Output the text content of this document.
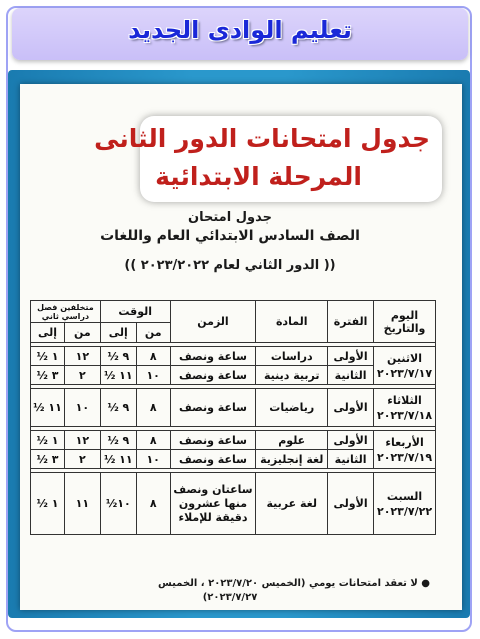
تعليم الوادى الجديد
جدول امتحان
الصف السادس الابتدائي العام واللغات
(( الدور الثاني لعام ٢٠٢٣/٢٠٢٢ ))
جدول امتحانات الدور الثانى
المرحلة الابتدائية
اليوم والتاريخ	الفترة	المادة	الزمن	الوقت		متخلفين فصل دراسي ثاني	
				من	إلى	من	إلى

الاثنين
٢٠٢٣/٧/١٧	الأولى	دراسات	ساعة ونصف	٨	٩ ½	١٢	١ ½
	الثانية	تربية دينية	ساعة ونصف	١٠	١١ ½	٢	٣ ½

الثلاثاء
٢٠٢٣/٧/١٨	الأولى	رياضيات	ساعة ونصف	٨	٩ ½	١٠	١١ ½

الأربعاء
٢٠٢٣/٧/١٩	الأولى	علوم	ساعة ونصف	٨	٩ ½	١٢	١ ½
	الثانية	لغة إنجليزية	ساعة ونصف	١٠	١١ ½	٢	٣ ½

السبت
٢٠٢٣/٧/٢٢	الأولى	لغة عربية	ساعتان ونصف منها عشرون دقيقة للإملاء	٨	١٠½	١١	١ ½
● لا تعقد امتحانات يومي (الخميس ٢٠٢٣/٧/٢٠ ، الخميس
٢٠٢٣/٧/٢٧)
